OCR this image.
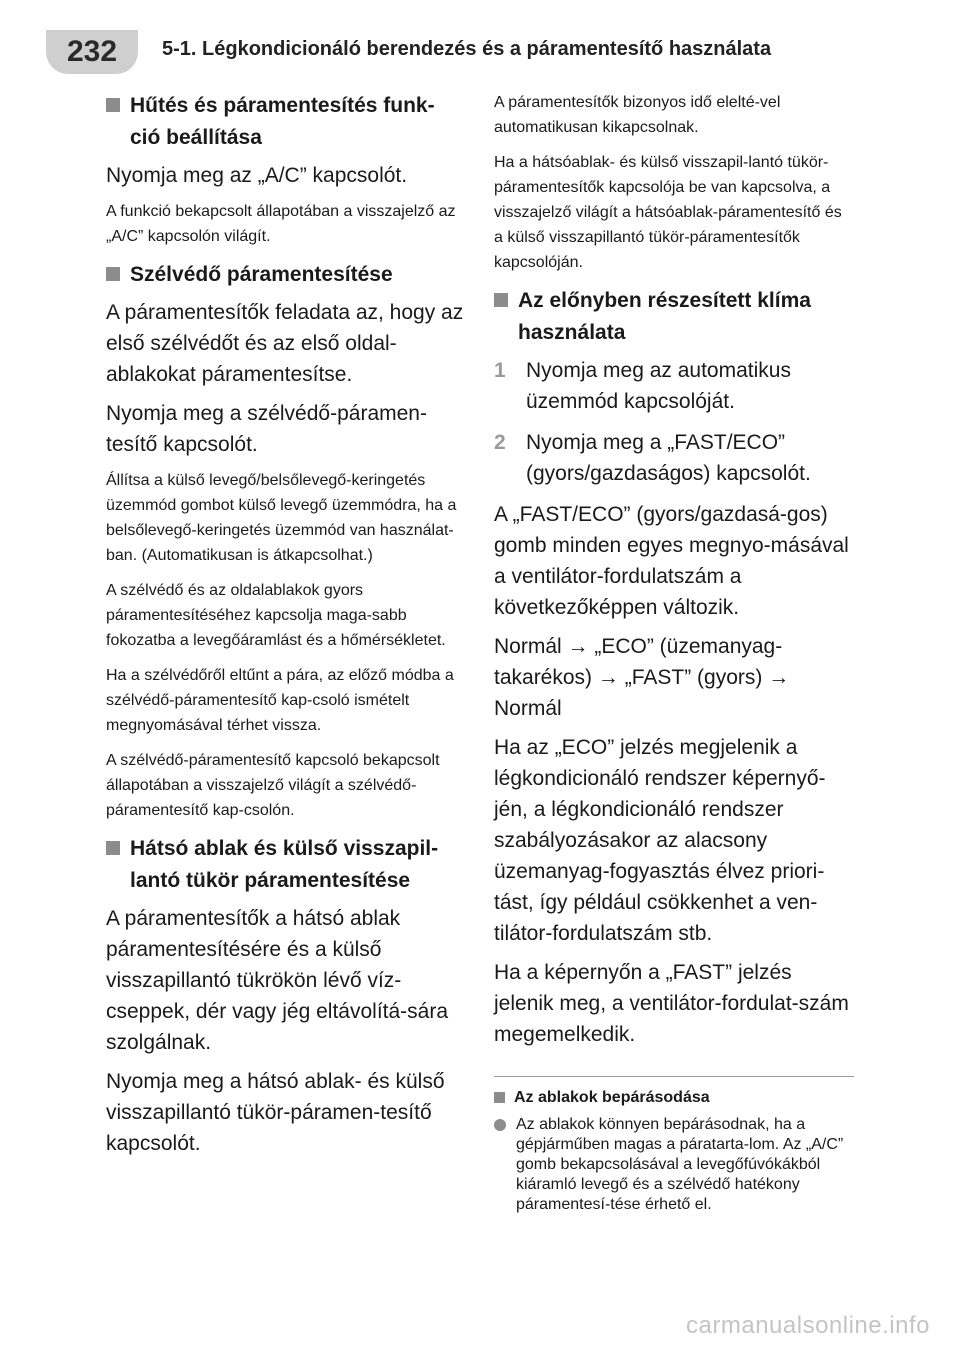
232	5-1. Légkondicionáló berendezés és a páramentesítő használata
Hűtés és páramentesítés funk-ció beállítása

Nyomja meg az „A/C” kapcsolót.

A funkció bekapcsolt állapotában a visszajelző az „A/C” kapcsolón világít.

Szélvédő páramentesítése

A páramentesítők feladata az, hogy az első szélvédőt és az első oldal-ablakokat páramentesítse.

Nyomja meg a szélvédő-páramen-tesítő kapcsolót.

Állítsa a külső levegő/belsőlevegő-keringetés üzemmód gombot külső levegő üzemmódra, ha a belsőlevegő-keringetés üzemmód van használat-ban. (Automatikusan is átkapcsolhat.)

A szélvédő és az oldalablakok gyors páramentesítéséhez kapcsolja maga-sabb fokozatba a levegőáramlást és a hőmérsékletet.

Ha a szélvédőről eltűnt a pára, az előző módba a szélvédő-páramentesítő kap-csoló ismételt megnyomásával térhet vissza.

A szélvédő-páramentesítő kapcsoló bekapcsolt állapotában a visszajelző világít a szélvédő-páramentesítő kap-csolón.

Hátsó ablak és külső visszapil-lantó tükör páramentesítése

A páramentesítők a hátsó ablak páramentesítésére és a külső visszapillantó tükrökön lévő víz-cseppek, dér vagy jég eltávolítá-sára szolgálnak.

Nyomja meg a hátsó ablak- és külső visszapillantó tükör-páramen-tesítő kapcsolót.

A páramentesítők bizonyos idő elelté-vel automatikusan kikapcsolnak.

Ha a hátsóablak- és külső visszapil-lantó tükör-páramentesítők kapcsolója be van kapcsolva, a visszajelző világít a hátsóablak-páramentesítő és a külső visszapillantó tükör-páramentesítők kapcsolóján.

Az előnyben részesített klíma használata
1 Nyomja meg az automatikus üzemmód kapcsolóját.
2 Nyomja meg a „FAST/ECO” (gyors/gazdaságos) kapcsolót.

A „FAST/ECO” (gyors/gazdasá-gos) gomb minden egyes megnyo-másával a ventilátor-fordulatszám a következőképpen változik.

Normál → „ECO” (üzemanyag-takarékos) → „FAST” (gyors) → Normál

Ha az „ECO” jelzés megjelenik a légkondicionáló rendszer képernyő-jén, a légkondicionáló rendszer szabályozásakor az alacsony üzemanyag-fogyasztás élvez priori-tást, így például csökkenhet a ven-tilátor-fordulatszám stb.

Ha a képernyőn a „FAST” jelzés jelenik meg, a ventilátor-fordulat-szám megemelkedik.

Az ablakok bepárásodása
Az ablakok könnyen bepárásodnak, ha a gépjárműben magas a páratarta-lom. Az „A/C” gomb bekapcsolásával a levegőfúvókákból kiáramló levegő és a szélvédő hatékony páramentesí-tése érhető el.
carmanualsonline.info
